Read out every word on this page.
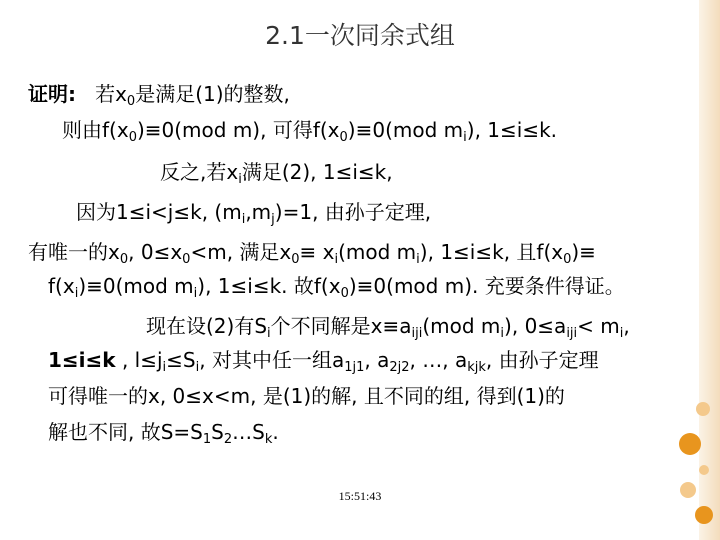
2.1一次同余式组
证明: 若$x_0$是满足(1)的整数,
则由$f(x_0)\equiv 0(mod$ m), 可得$f(x_0)\equiv 0(mod$ $m_i$), 1≤i≤k.
反之,若$x_i$满足(2), 1≤i≤k,
因为1≤i<j≤k, $(m_i,m_j)=1$, 由孙子定理,
有唯一的$x_0$, $0\le x_0<m$, 满足$x_0\equiv x_i(mod$ $m_i$), 1≤i≤k, 且$f(x_0)\equiv$
$f(x_i)\equiv 0(mod$ $m_i$), 1≤i≤k. 故$f(x_0)\equiv 0(mod$ m). 充要条件得证。
现在设(2)有$S_i$个不同解是$x\equiv a_{iji}(mod$ $m_i$), $0\le a_{iji}< m_i$,
1≤i≤k , $l\le j_i\le S_i$, 对其中任一组$a_{1j1}$, $a_{2j2}$, …, $a_{kjk}$, 由孙子定理
可得唯一的x, 0≤x<m, 是(1)的解, 且不同的组, 得到(1)的
解也不同, 故$S=S_1S_2\dots S_k$.
15:51:43
